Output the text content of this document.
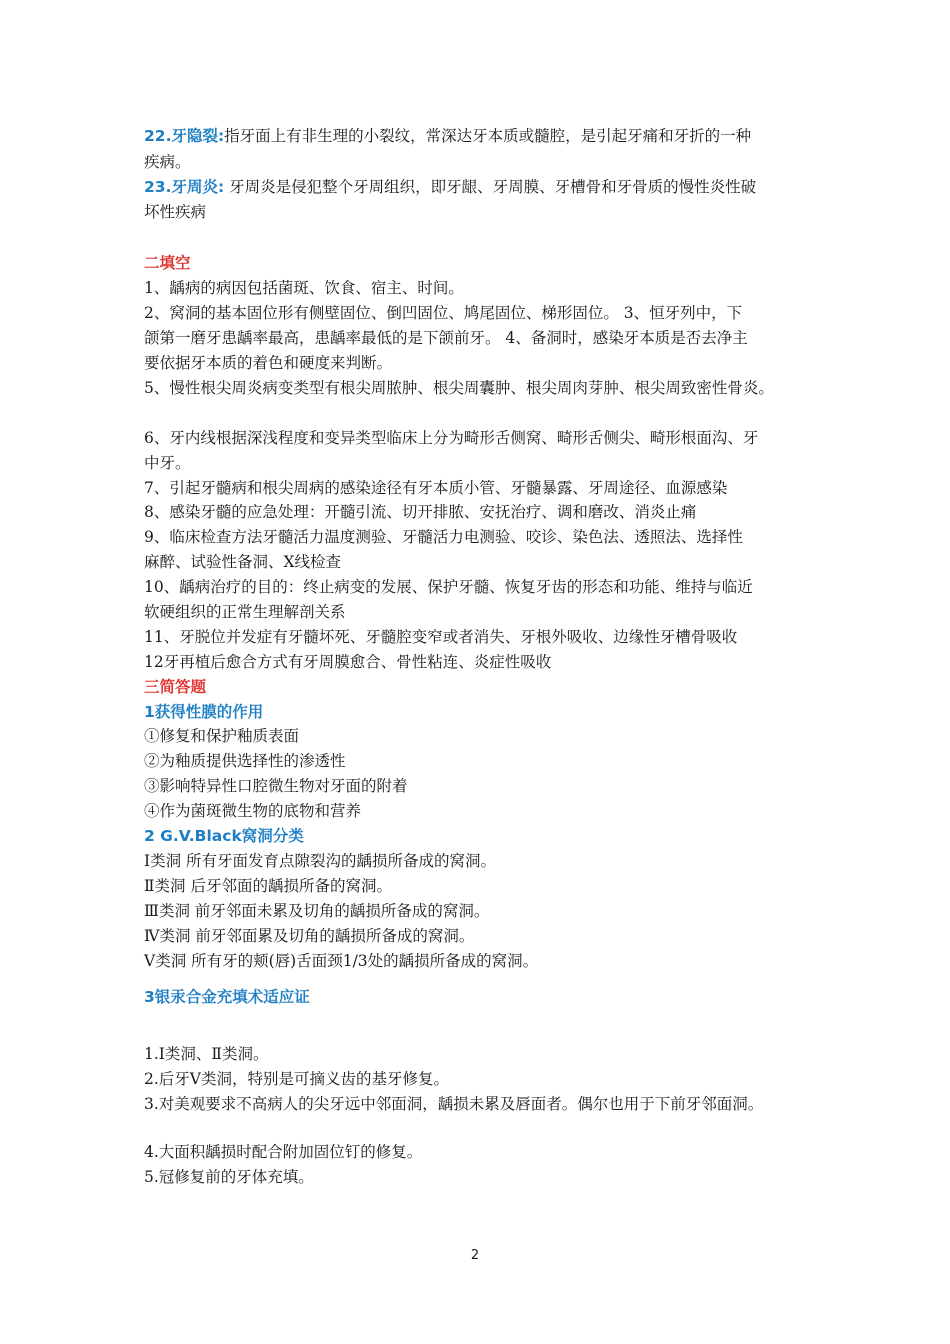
22.牙隐裂:指牙面上有非生理的小裂纹，常深达牙本质或髓腔，是引起牙痛和牙折的一种
疾病。
23.牙周炎: 牙周炎是侵犯整个牙周组织，即牙龈、牙周膜、牙槽骨和牙骨质的慢性炎性破
坏性疾病
二填空
1、龋病的病因包括菌斑、饮食、宿主、时间。
2、窝洞的基本固位形有侧壁固位、倒凹固位、鸠尾固位、梯形固位。 3、恒牙列中，下
颌第一磨牙患龋率最高，患龋率最低的是下颌前牙。 4、备洞时，感染牙本质是否去净主
要依据牙本质的着色和硬度来判断。
5、慢性根尖周炎病变类型有根尖周脓肿、根尖周囊肿、根尖周肉芽肿、根尖周致密性骨炎。
6、牙内线根据深浅程度和变异类型临床上分为畸形舌侧窝、畸形舌侧尖、畸形根面沟、牙
中牙。
7、引起牙髓病和根尖周病的感染途径有牙本质小管、牙髓暴露、牙周途径、血源感染
8、感染牙髓的应急处理：开髓引流、切开排脓、安抚治疗、调和磨改、消炎止痛
9、临床检查方法牙髓活力温度测验、牙髓活力电测验、咬诊、染色法、透照法、选择性
麻醉、试验性备洞、X线检查
10、龋病治疗的目的：终止病变的发展、保护牙髓、恢复牙齿的形态和功能、维持与临近
软硬组织的正常生理解剖关系
11、牙脱位并发症有牙髓坏死、牙髓腔变窄或者消失、牙根外吸收、边缘性牙槽骨吸收
12牙再植后愈合方式有牙周膜愈合、骨性粘连、炎症性吸收
三简答题
1获得性膜的作用
①修复和保护釉质表面
②为釉质提供选择性的渗透性
③影响特异性口腔微生物对牙面的附着
④作为菌斑微生物的底物和营养
2 G.V.Black窝洞分类
Ⅰ类洞 所有牙面发育点隙裂沟的龋损所备成的窝洞。
Ⅱ类洞 后牙邻面的龋损所备的窝洞。
Ⅲ类洞 前牙邻面未累及切角的龋损所备成的窝洞。
Ⅳ类洞 前牙邻面累及切角的龋损所备成的窝洞。
Ⅴ类洞 所有牙的颊(唇)舌面颈1/3处的龋损所备成的窝洞。
3银汞合金充填术适应证
1.Ⅰ类洞、Ⅱ类洞。
2.后牙Ⅴ类洞，特别是可摘义齿的基牙修复。
3.对美观要求不高病人的尖牙远中邻面洞，龋损未累及唇面者。偶尔也用于下前牙邻面洞。
4.大面积龋损时配合附加固位钉的修复。
5.冠修复前的牙体充填。
2
